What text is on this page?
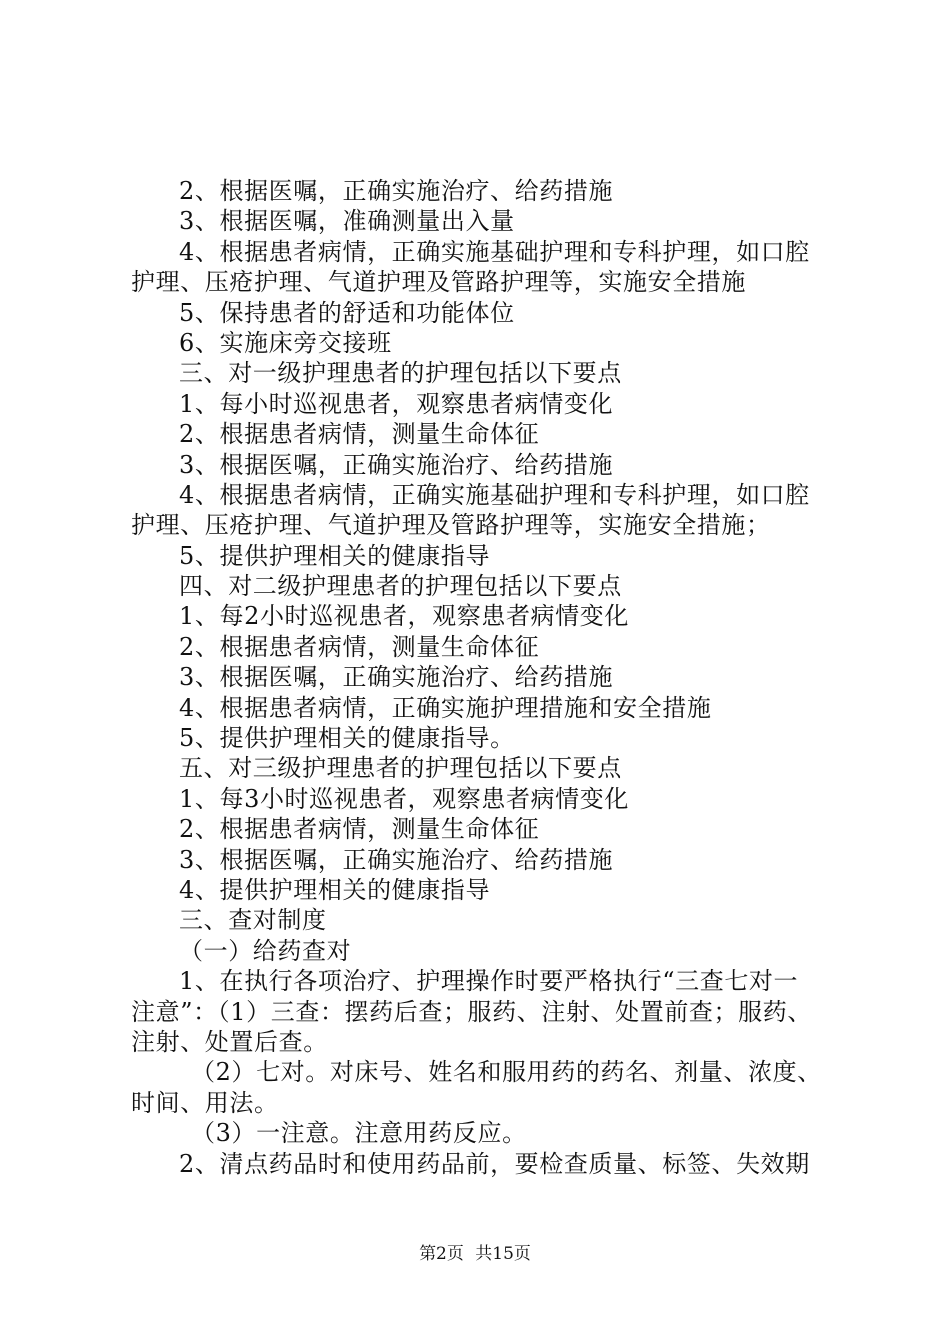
2、根据医嘱，正确实施治疗、给药措施
3、根据医嘱，准确测量出入量
4、根据患者病情，正确实施基础护理和专科护理，如口腔
护理、压疮护理、气道护理及管路护理等，实施安全措施
5、保持患者的舒适和功能体位
6、实施床旁交接班
三、对一级护理患者的护理包括以下要点
1、每小时巡视患者，观察患者病情变化
2、根据患者病情，测量生命体征
3、根据医嘱，正确实施治疗、给药措施
4、根据患者病情，正确实施基础护理和专科护理，如口腔
护理、压疮护理、气道护理及管路护理等，实施安全措施；
5、提供护理相关的健康指导
四、对二级护理患者的护理包括以下要点
1、每2小时巡视患者，观察患者病情变化
2、根据患者病情，测量生命体征
3、根据医嘱，正确实施治疗、给药措施
4、根据患者病情，正确实施护理措施和安全措施
5、提供护理相关的健康指导。
五、对三级护理患者的护理包括以下要点
1、每3小时巡视患者，观察患者病情变化
2、根据患者病情，测量生命体征
3、根据医嘱，正确实施治疗、给药措施
4、提供护理相关的健康指导
三、查对制度
（一）给药查对
1、在执行各项治疗、护理操作时要严格执行“三查七对一
注意”：（1）三查：摆药后查；服药、注射、处置前查；服药、
注射、处置后查。
（2）七对。对床号、姓名和服用药的药名、剂量、浓度、
时间、用法。
（3）一注意。注意用药反应。
2、清点药品时和使用药品前，要检查质量、标签、失效期
第2页 共15页
